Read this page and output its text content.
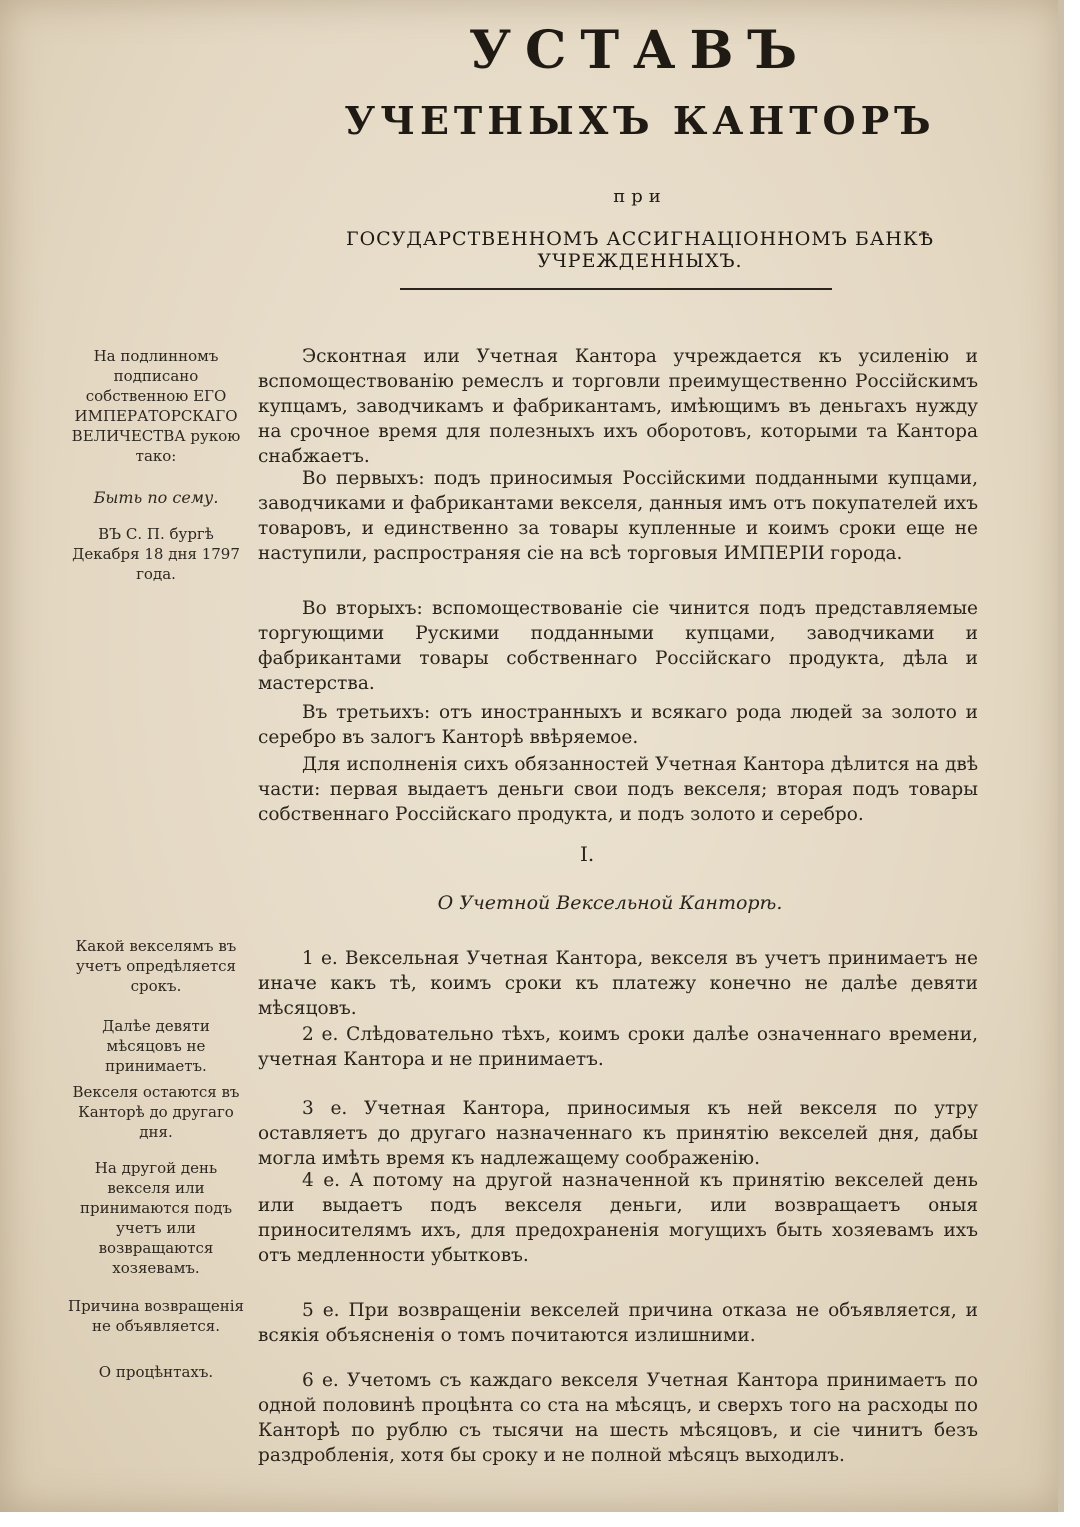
УСТАВЪ
УЧЕТНЫХЪ КАНТОРЪ
при
ГОСУДАРСТВЕННОМЪ АССИГНАЦІОННОМЪ БАНКѢ УЧРЕЖДЕННЫХЪ.
На подлинномъ подписано собственною ЕГО ИМПЕРАТОРСКАГО ВЕЛИЧЕСТВА рукою тако:
Быть по сему.
ВЪ С. П. бургѣ Декабря 18 дня 1797 года.
Какой вексeлямъ въ учетъ опредѣляется срокъ.
Далѣе девяти мѣсяцовъ не принимаетъ.
Векселя остаются въ Канторѣ до другаго дня.
На другой день векселя или принимаются подъ учетъ или возвращаются хозяевамъ.
Причина возвращенія не объявляется.
О процѣнтахъ.
Эсконтная или Учетная Кантора учреждается къ усиленію и вспомоществованію ремеслъ и торговли преимущественно Россійскимъ купцамъ, заводчикамъ и фабрикантамъ, имѣющимъ въ деньгахъ нужду на срочное время для полезныхъ ихъ оборотовъ, которыми та Кантора снабжаетъ.
Во первыхъ: подъ приносимыя Россійскими подданными купцами, заводчиками и фабрикантами векселя, данныя имъ отъ покупателей ихъ товаровъ, и единственно за товары купленные и коимъ сроки еще не наступили, распространяя сіе на всѣ торговыя ИМПЕРІИ города.
Во вторыхъ: вспомоществованіе сіе чинится подъ представляемые торгующими Рускими подданными купцами, заводчиками и фабрикантами товары собственнаго Россійскаго продукта, дѣла и мастерства.
Въ третьихъ: отъ иностранныхъ и всякаго рода людей за золото и серебро въ залогъ Канторѣ ввѣряемое.
Для исполненія сихъ обязанностей Учетная Кантора дѣлится на двѣ части: первая выдаетъ деньги свои подъ векселя; вторая подъ товары собственнаго Россійскаго продукта, и подъ золото и серебро.
I.
О Учетной Вексельной Канторѣ.
1 е. Вексельная Учетная Кантора, векселя въ учетъ принимаетъ не иначе какъ тѣ, коимъ сроки къ платежу конечно не далѣе девяти мѣсяцовъ.
2 е. Слѣдовательно тѣхъ, коимъ сроки далѣе означеннаго времени, учетная Кантора и не принимаетъ.
3 е. Учетная Кантора, приносимыя къ ней векселя по утру оставляетъ до другаго назначеннаго къ принятію векселей дня, дабы могла имѣть время къ надлежащему соображенію.
4 е. А потому на другой назначенной къ принятію векселей день или выдаетъ подъ векселя деньги, или возвращаетъ оныя приносителямъ ихъ, для предохраненія могущихъ быть хозяевамъ ихъ отъ медленности убытковъ.
5 е. При возвращеніи векселей причина отказа не объявляется, и всякія объясненія о томъ почитаются излишними.
6 е. Учетомъ съ каждаго векселя Учетная Кантора принимаетъ по одной половинѣ процѣнта со ста на мѣсяцъ, и сверхъ того на расходы по Канторѣ по рублю съ тысячи на шесть мѣсяцовъ, и сіе чинитъ безъ раздробленія, хотя бы сроку и не полной мѣсяцъ выходилъ.
